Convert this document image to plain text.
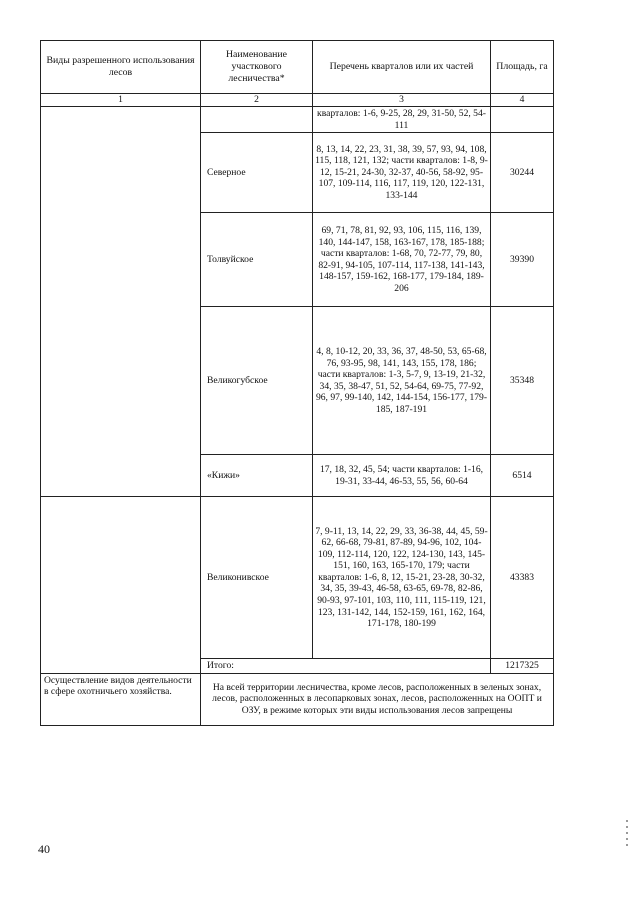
Виды разрешенного использования лесов	Наименование участкового лесничества*	Перечень кварталов или их частей	Площадь, га
1	2	3	4
		кварталов: 1-6, 9-25, 28, 29, 31-50, 52, 54-111	
	Северное	8, 13, 14, 22, 23, 31, 38, 39, 57, 93, 94, 108, 115, 118, 121, 132; части кварталов: 1-8, 9-12, 15-21, 24-30, 32-37, 40-56, 58-92, 95-107, 109-114, 116, 117, 119, 120, 122-131, 133-144	30244
	Толвуйское	69, 71, 78, 81, 92, 93, 106, 115, 116, 139, 140, 144-147, 158, 163-167, 178, 185-188; части кварталов: 1-68, 70, 72-77, 79, 80, 82-91, 94-105, 107-114, 117-138, 141-143, 148-157, 159-162, 168-177, 179-184, 189-206	39390
	Великогубское	4, 8, 10-12, 20, 33, 36, 37, 48-50, 53, 65-68, 76, 93-95, 98, 141, 143, 155, 178, 186; части кварталов: 1-3, 5-7, 9, 13-19, 21-32, 34, 35, 38-47, 51, 52, 54-64, 69-75, 77-92, 96, 97, 99-140, 142, 144-154, 156-177, 179-185, 187-191	35348
	«Кижи»	17, 18, 32, 45, 54; части кварталов: 1-16, 19-31, 33-44, 46-53, 55, 56, 60-64	6514
	Великонивское	7, 9-11, 13, 14, 22, 29, 33, 36-38, 44, 45, 59-62, 66-68, 79-81, 87-89, 94-96, 102, 104-109, 112-114, 120, 122, 124-130, 143, 145-151, 160, 163, 165-170, 179; части кварталов: 1-6, 8, 12, 15-21, 23-28, 30-32, 34, 35, 39-43, 46-58, 63-65, 69-78, 82-86, 90-93, 97-101, 103, 110, 111, 115-119, 121, 123, 131-142, 144, 152-159, 161, 162, 164, 171-178, 180-199	43383
	Итого:		1217325
Осуществление видов деятельности в сфере охотничьего хозяйства.	На всей территории лесничества, кроме лесов, расположенных в зеленых зонах, лесов, расположенных в лесопарковых зонах, лесов, расположенных на ООПТ и ОЗУ, в режиме которых эти виды использования лесов запрещены		
40
